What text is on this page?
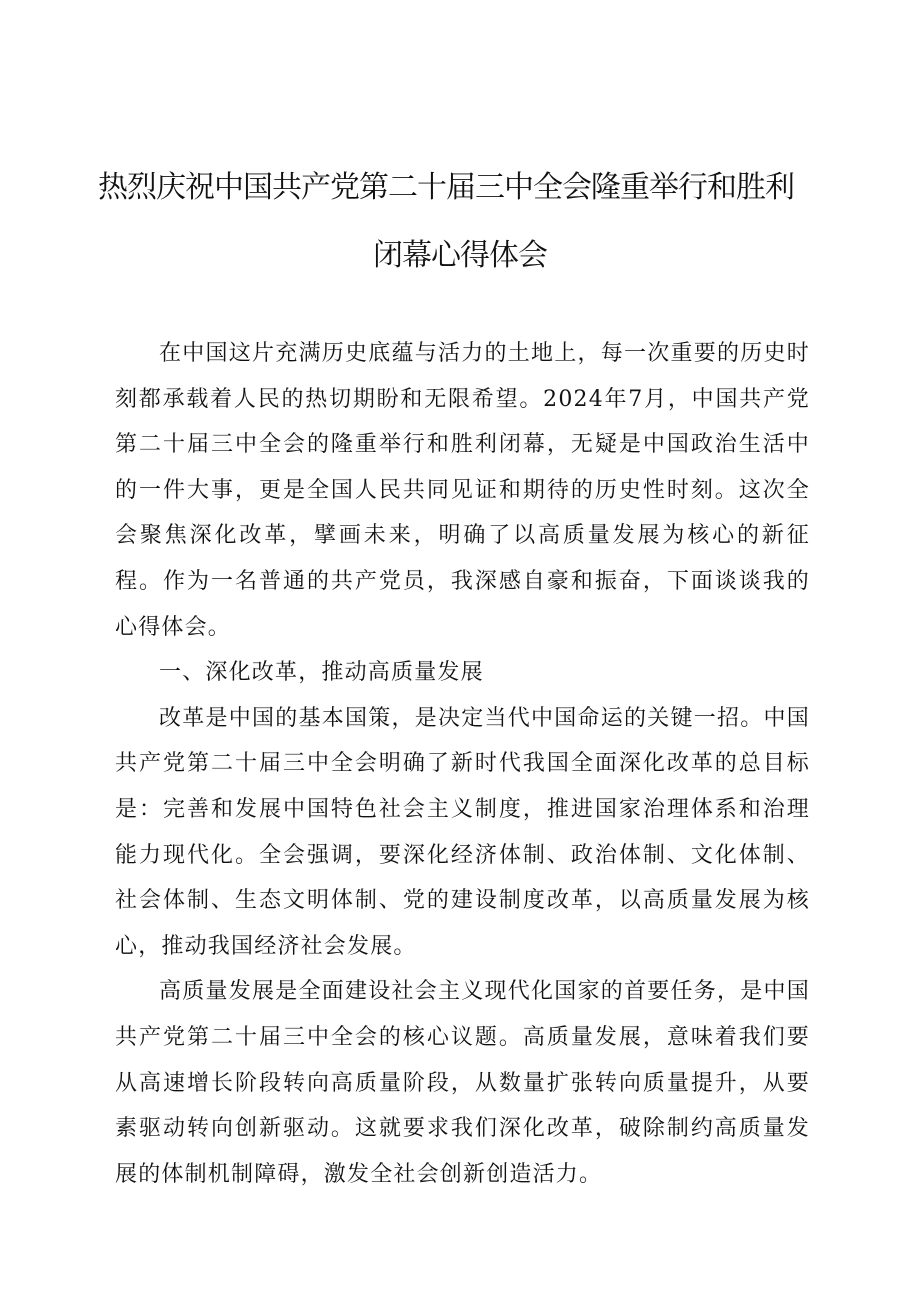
热烈庆祝中国共产党第二十届三中全会隆重举行和胜利
闭幕心得体会

在中国这片充满历史底蕴与活力的土地上，每一次重要的历史时刻都承载着人民的热切期盼和无限希望。2024年7月，中国共产党第二十届三中全会的隆重举行和胜利闭幕，无疑是中国政治生活中的一件大事，更是全国人民共同见证和期待的历史性时刻。这次全会聚焦深化改革，擘画未来，明确了以高质量发展为核心的新征程。作为一名普通的共产党员，我深感自豪和振奋，下面谈谈我的心得体会。

一、深化改革，推动高质量发展

改革是中国的基本国策，是决定当代中国命运的关键一招。中国共产党第二十届三中全会明确了新时代我国全面深化改革的总目标是：完善和发展中国特色社会主义制度，推进国家治理体系和治理能力现代化。全会强调，要深化经济体制、政治体制、文化体制、社会体制、生态文明体制、党的建设制度改革，以高质量发展为核心，推动我国经济社会发展。

高质量发展是全面建设社会主义现代化国家的首要任务，是中国共产党第二十届三中全会的核心议题。高质量发展，意味着我们要从高速增长阶段转向高质量阶段，从数量扩张转向质量提升，从要素驱动转向创新驱动。这就要求我们深化改革，破除制约高质量发展的体制机制障碍，激发全社会创新创造活力。
